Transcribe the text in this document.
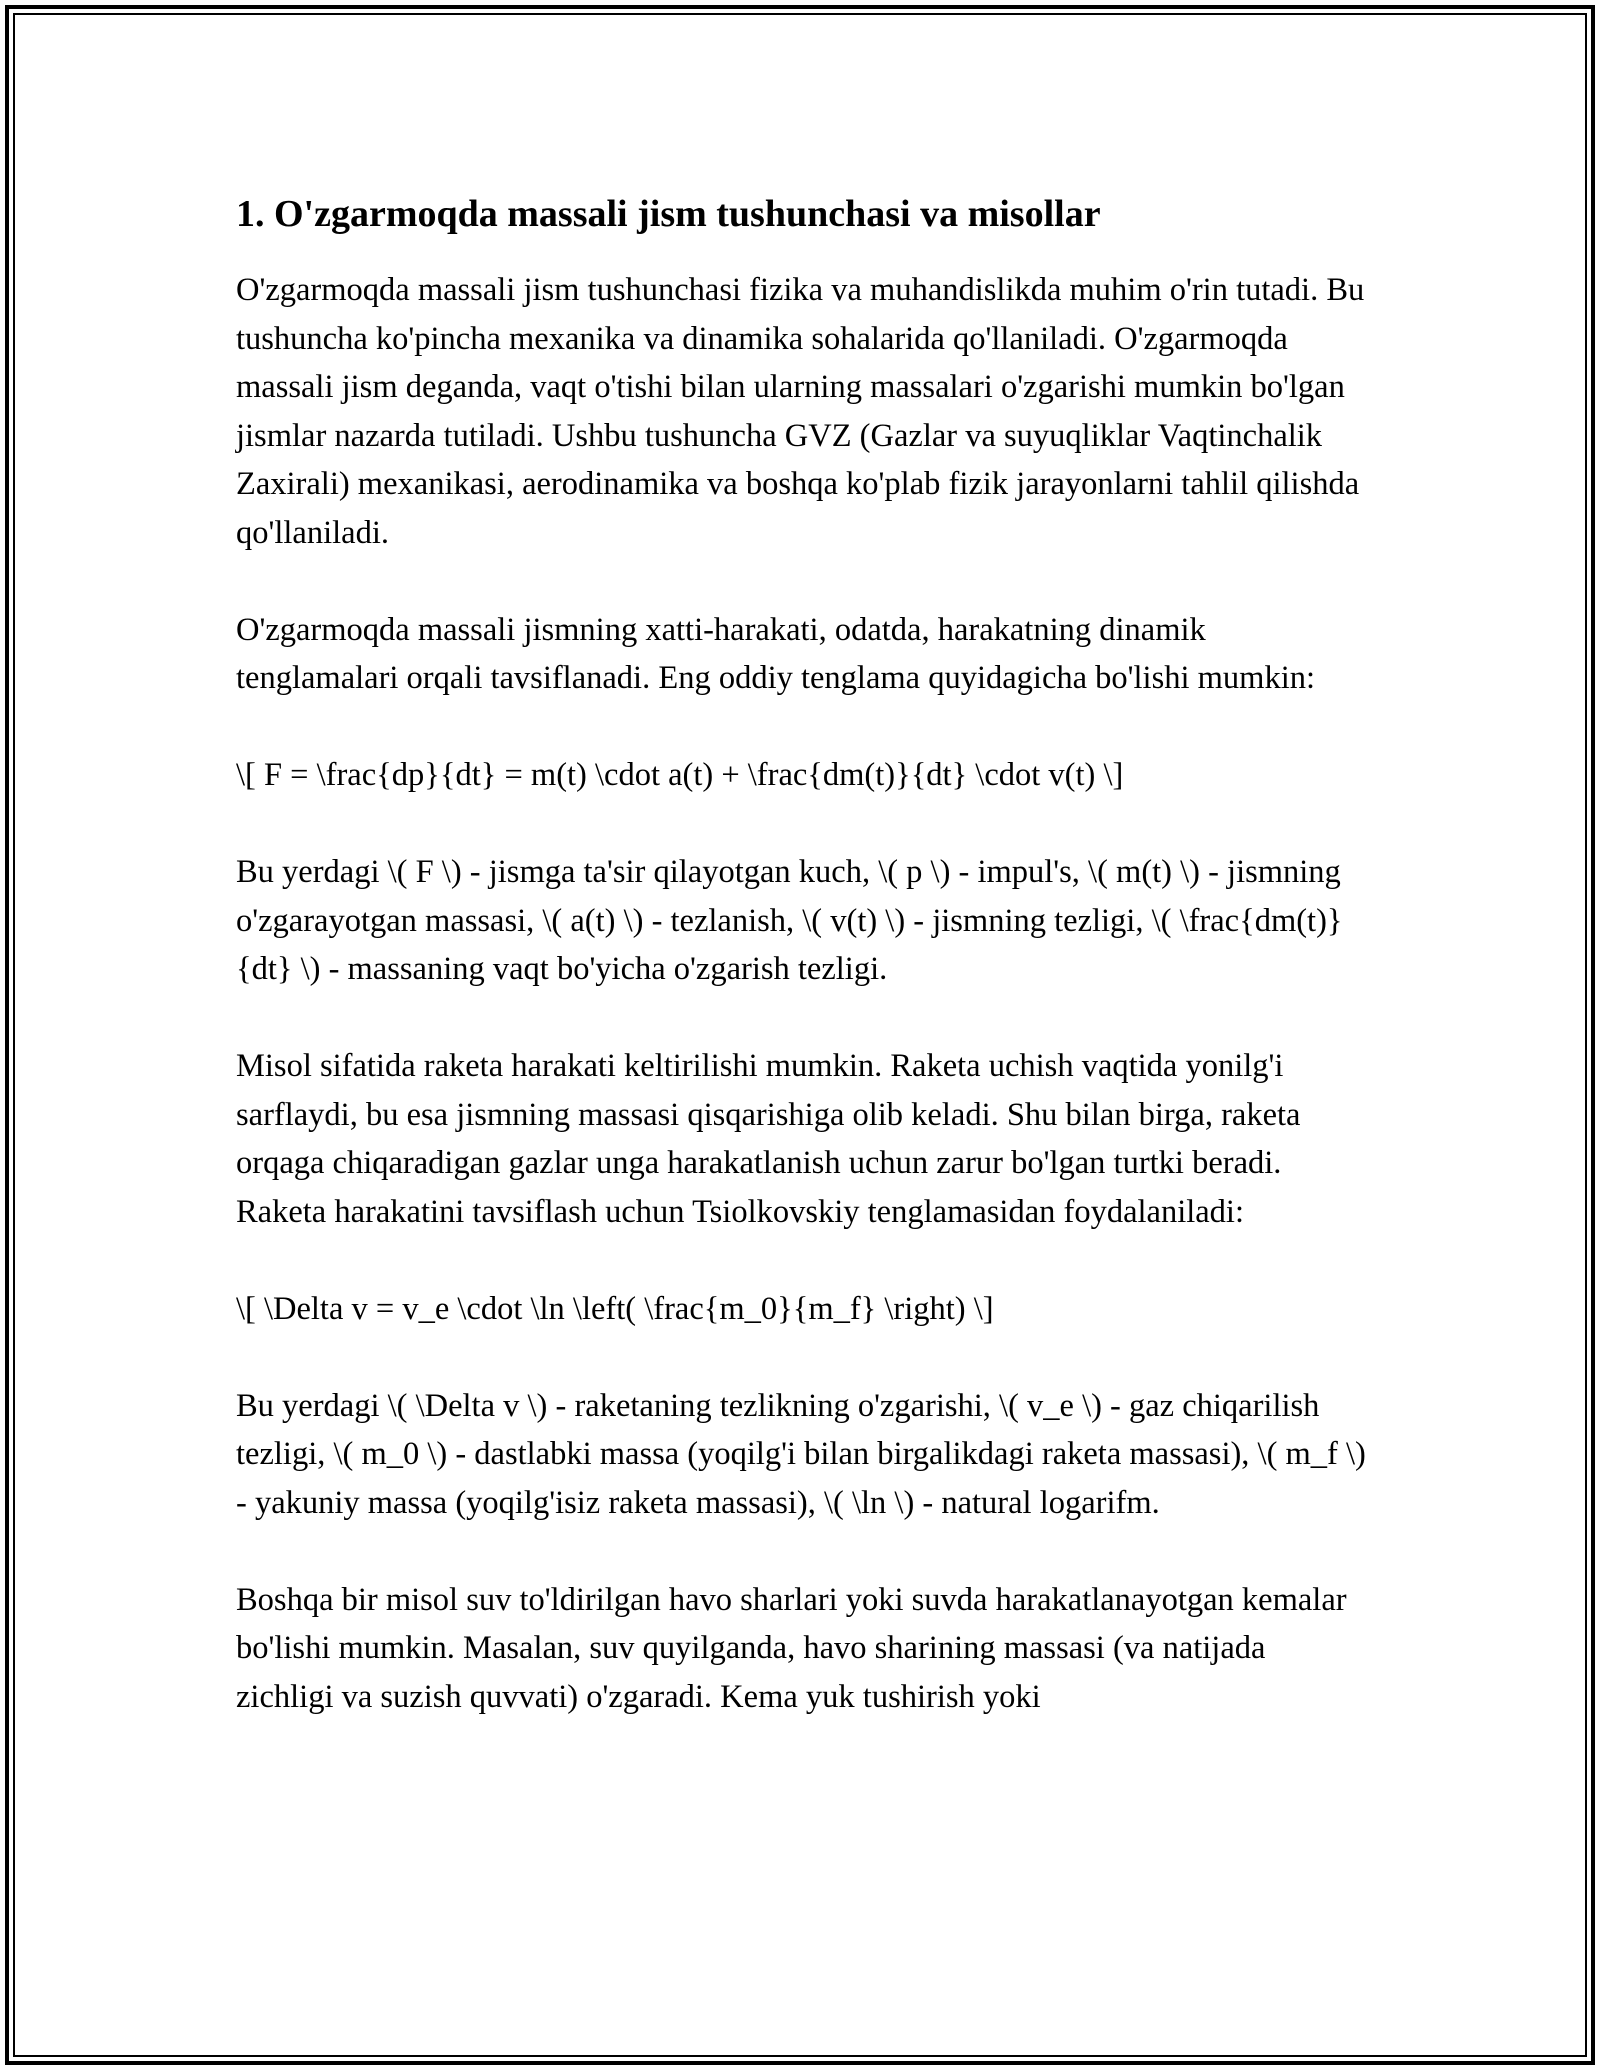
1. O'zgarmoqda massali jism tushunchasi va misollar

O'zgarmoqda massali jism tushunchasi fizika va muhandislikda muhim o'rin tutadi. Bu tushuncha ko'pincha mexanika va dinamika sohalarida qo'llaniladi. O'zgarmoqda massali jism deganda, vaqt o'tishi bilan ularning massalari o'zgarishi mumkin bo'lgan jismlar nazarda tutiladi. Ushbu tushuncha GVZ (Gazlar va suyuqliklar Vaqtinchalik Zaxirali) mexanikasi, aerodinamika va boshqa ko'plab fizik jarayonlarni tahlil qilishda qo'llaniladi.

O'zgarmoqda massali jismning xatti-harakati, odatda, harakatning dinamik tenglamalari orqali tavsiflanadi. Eng oddiy tenglama quyidagicha bo'lishi mumkin:

\[ F = \frac{dp}{dt} = m(t) \cdot a(t) + \frac{dm(t)}{dt} \cdot v(t) \]

Bu yerdagi \( F \) - jismga ta'sir qilayotgan kuch, \( p \) - impul's, \( m(t) \) - jismning o'zgarayotgan massasi, \( a(t) \) - tezlanish, \( v(t) \) - jismning tezligi, \( \frac{dm(t)}{dt} \) - massaning vaqt bo'yicha o'zgarish tezligi.

Misol sifatida raketa harakati keltirilishi mumkin. Raketa uchish vaqtida yonilg'i sarflaydi, bu esa jismning massasi qisqarishiga olib keladi. Shu bilan birga, raketa orqaga chiqaradigan gazlar unga harakatlanish uchun zarur bo'lgan turtki beradi. Raketa harakatini tavsiflash uchun Tsiolkovskiy tenglamasidan foydalaniladi:

\[ \Delta v = v_e \cdot \ln \left( \frac{m_0}{m_f} \right) \]

Bu yerdagi \( \Delta v \) - raketaning tezlikning o'zgarishi, \( v_e \) - gaz chiqarilish tezligi, \( m_0 \) - dastlabki massa (yoqilg'i bilan birgalikdagi raketa massasi), \( m_f \) - yakuniy massa (yoqilg'isiz raketa massasi), \( \ln \) - natural logarifm.

Boshqa bir misol suv to'ldirilgan havo sharlari yoki suvda harakatlanayotgan kemalar bo'lishi mumkin. Masalan, suv quyilganda, havo sharining massasi (va natijada zichligi va suzish quvvati) o'zgaradi. Kema yuk tushirish yoki
